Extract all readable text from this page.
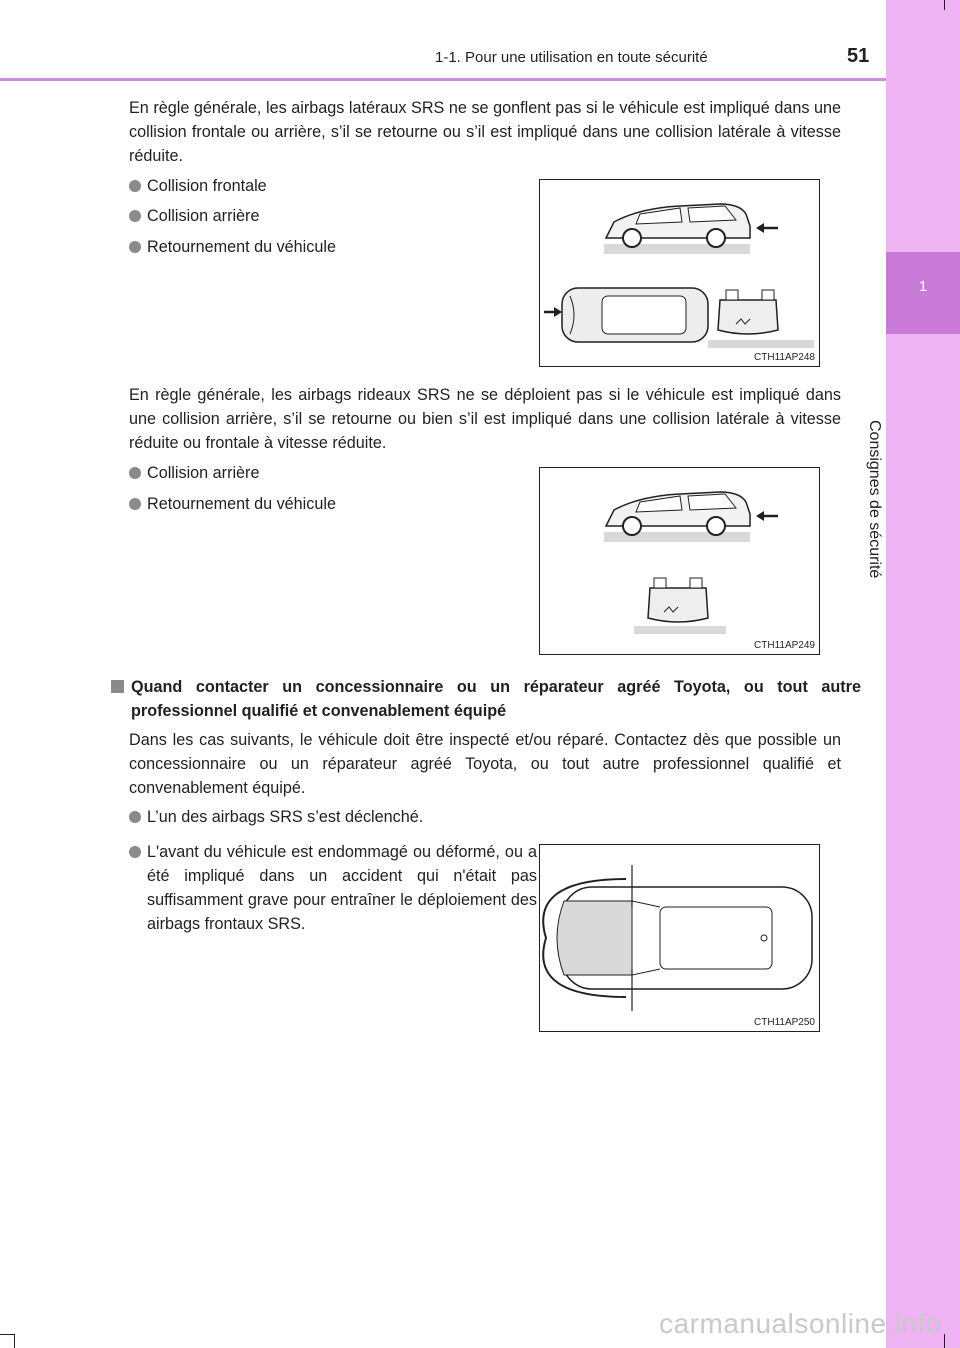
1-1. Pour une utilisation en toute sécurité	51
1
Consignes de sécurité

En règle générale, les airbags latéraux SRS ne se gonflent pas si le véhicule est impliqué dans une collision frontale ou arrière, s’il se retourne ou s’il est impliqué dans une collision latérale à vitesse réduite.

Collision frontale
Collision arrière
Retournement du véhicule
CTH11AP248

En règle générale, les airbags rideaux SRS ne se déploient pas si le véhicule est impliqué dans une collision arrière, s’il se retourne ou bien s’il est impliqué dans une collision latérale à vitesse réduite ou frontale à vitesse réduite.

Collision arrière
Retournement du véhicule
CTH11AP249
Quand contacter un concessionnaire ou un réparateur agréé Toyota, ou tout autre professionnel qualifié et convenablement équipé

Dans les cas suivants, le véhicule doit être inspecté et/ou réparé. Contactez dès que possible un concessionnaire ou un réparateur agréé Toyota, ou tout autre professionnel qualifié et convenablement équipé.

L’un des airbags SRS s’est déclenché.
L'avant du véhicule est endommagé ou déformé, ou a été impliqué dans un accident qui n'était pas suffisamment grave pour entraîner le déploiement des airbags frontaux SRS.
CTH11AP250
carmanualsonline.info
